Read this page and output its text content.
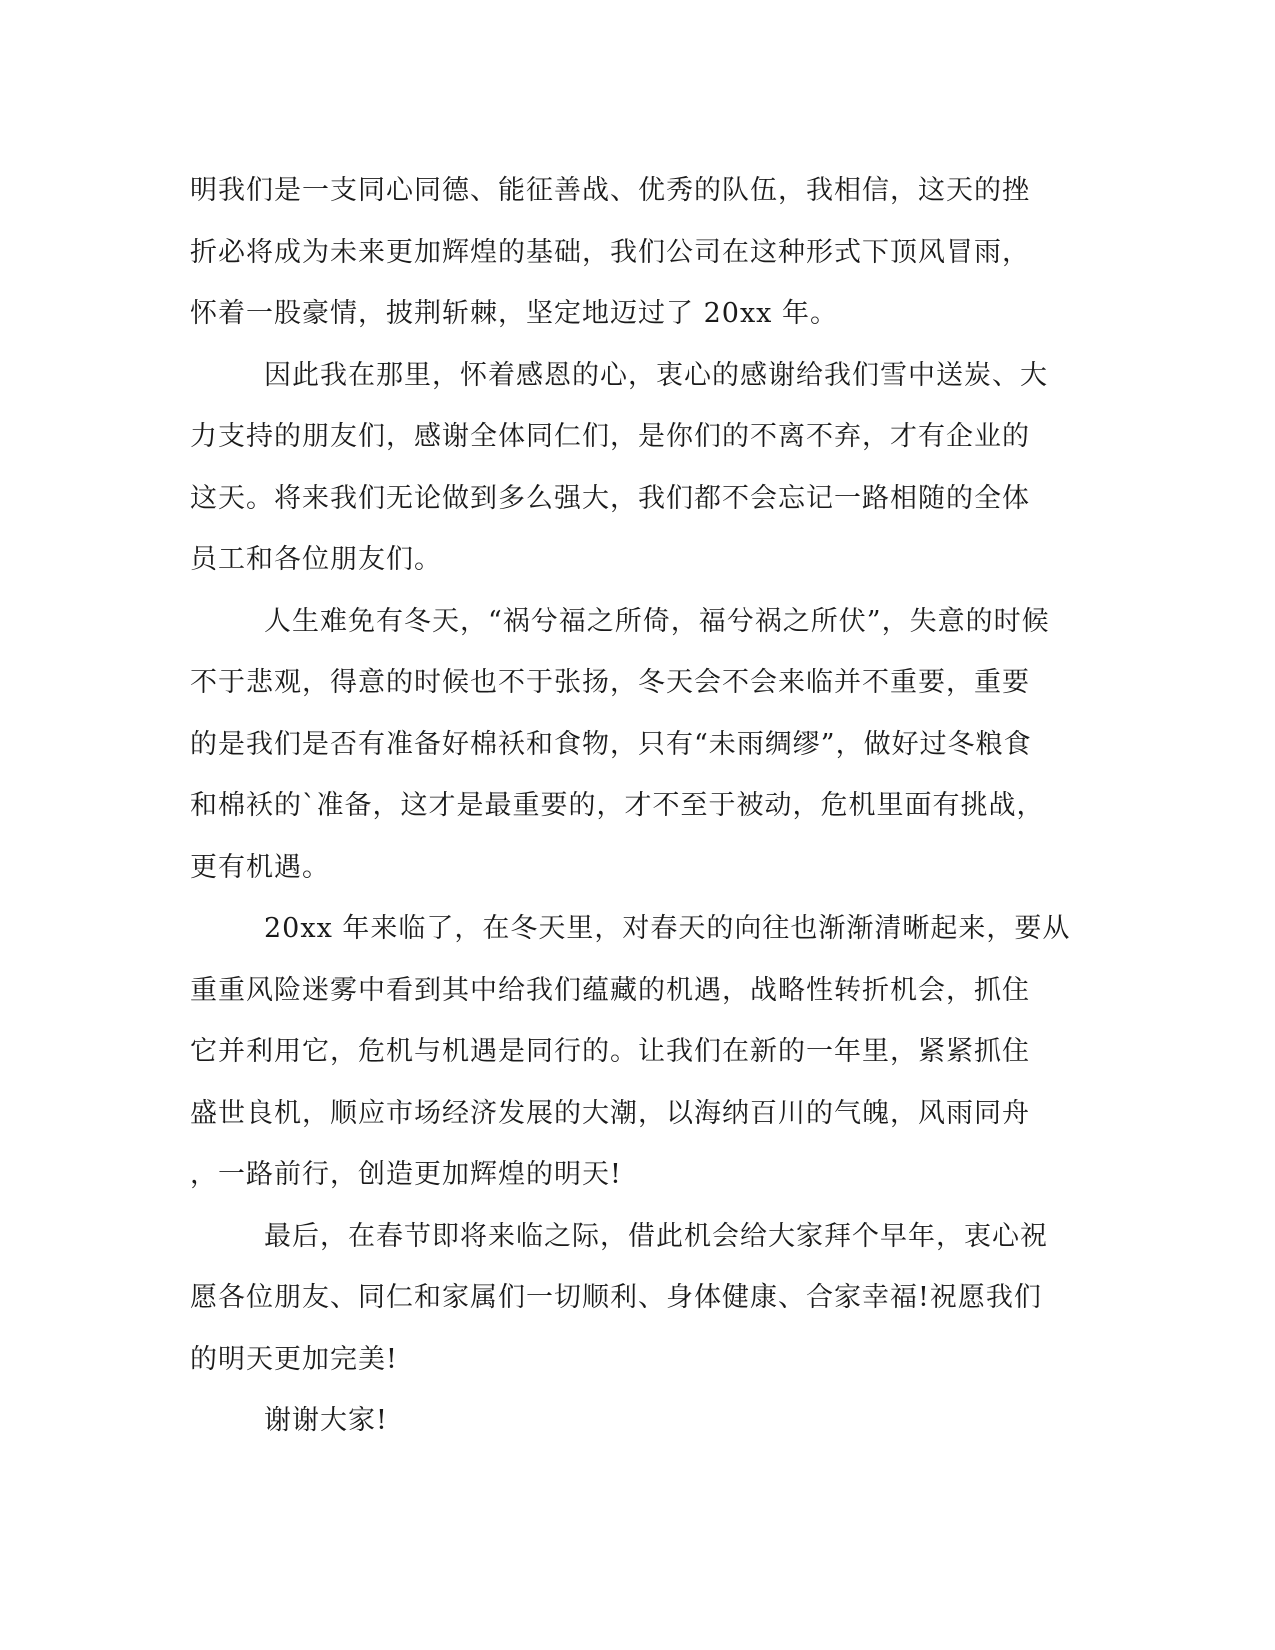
明我们是一支同心同德、能征善战、优秀的队伍，我相信，这天的挫
折必将成为未来更加辉煌的基础，我们公司在这种形式下顶风冒雨，
怀着一股豪情，披荆斩棘，坚定地迈过了 20xx 年。
因此我在那里，怀着感恩的心，衷心的感谢给我们雪中送炭、大
力支持的朋友们，感谢全体同仁们，是你们的不离不弃，才有企业的
这天。将来我们无论做到多么强大，我们都不会忘记一路相随的全体
员工和各位朋友们。
人生难免有冬天，“祸兮福之所倚，福兮祸之所伏”，失意的时候
不于悲观，得意的时候也不于张扬，冬天会不会来临并不重要，重要
的是我们是否有准备好棉袄和食物，只有“未雨绸缪”，做好过冬粮食
和棉袄的`准备，这才是最重要的，才不至于被动，危机里面有挑战，
更有机遇。
20xx 年来临了，在冬天里，对春天的向往也渐渐清晰起来，要从
重重风险迷雾中看到其中给我们蕴藏的机遇，战略性转折机会，抓住
它并利用它，危机与机遇是同行的。让我们在新的一年里，紧紧抓住
盛世良机，顺应市场经济发展的大潮，以海纳百川的气魄，风雨同舟
，一路前行，创造更加辉煌的明天!
最后，在春节即将来临之际，借此机会给大家拜个早年，衷心祝
愿各位朋友、同仁和家属们一切顺利、身体健康、合家幸福!祝愿我们
的明天更加完美!
谢谢大家!
